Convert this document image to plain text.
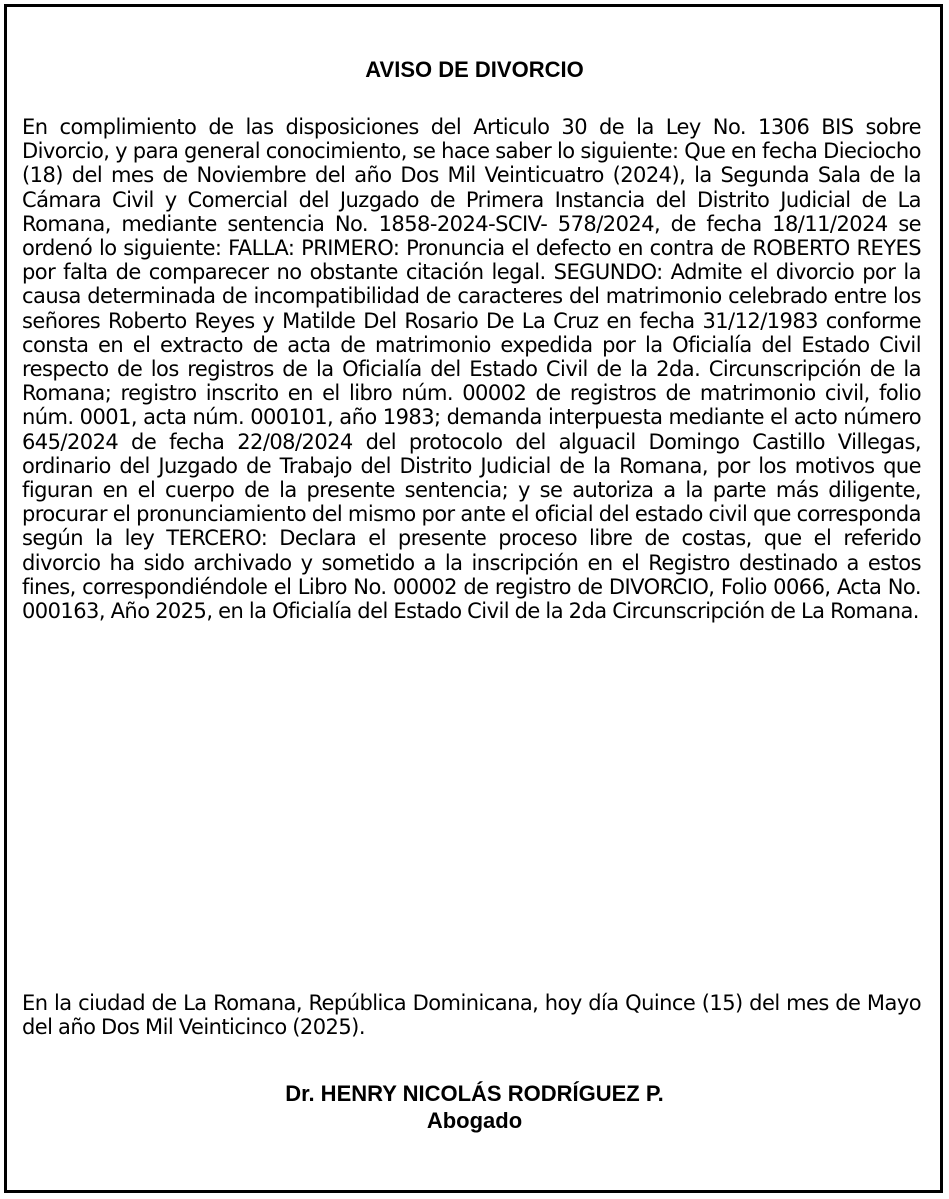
AVISO DE DIVORCIO
En complimiento de las disposiciones del Articulo 30 de la Ley No. 1306 BIS sobre Divorcio, y para general conocimiento, se hace saber lo siguiente: Que en fecha Dieciocho (18) del mes de Noviembre del año Dos Mil Veinticuatro (2024), la Segunda Sala de la Cámara Civil y Comercial del Juzgado de Primera Instancia del Distrito Judicial de La Romana, mediante sentencia No. 1858-2024-SCIV- 578/2024, de fecha 18/11/2024 se ordenó lo siguiente: FALLA: PRIMERO: Pronuncia el defecto en contra de ROBERTO REYES por falta de comparecer no obstante citación legal. SEGUNDO: Admite el divorcio por la causa determinada de incompatibilidad de caracteres del matrimonio celebrado entre los señores Roberto Reyes y Matilde Del Rosario De La Cruz en fecha 31/12/1983 conforme consta en el extracto de acta de matrimonio expedida por la Oficialía del Estado Civil respecto de los registros de la Oficialía del Estado Civil de la 2da. Circunscripción de la Romana; registro inscrito en el libro núm. 00002 de registros de matrimonio civil, folio núm. 0001, acta núm. 000101, año 1983; demanda interpuesta mediante el acto número 645/2024 de fecha 22/08/2024 del protocolo del alguacil Domingo Castillo Villegas, ordinario del Juzgado de Trabajo del Distrito Judicial de la Romana, por los motivos que figuran en el cuerpo de la presente sentencia; y se autoriza a la parte más diligente, procurar el pronunciamiento del mismo por ante el oficial del estado civil que corresponda según la ley TERCERO: Declara el presente proceso libre de costas, que el referido divorcio ha sido archivado y sometido a la inscripción en el Registro destinado a estos fines, correspondiéndole el Libro No. 00002 de registro de DIVORCIO, Folio 0066, Acta No. 000163, Año 2025, en la Oficialía del Estado Civil de la 2da Circunscripción de La Romana.
En la ciudad de La Romana, República Dominicana, hoy día Quince (15) del mes de Mayo del año Dos Mil Veinticinco (2025).
Dr. HENRY NICOLÁS RODRÍGUEZ P.
Abogado
